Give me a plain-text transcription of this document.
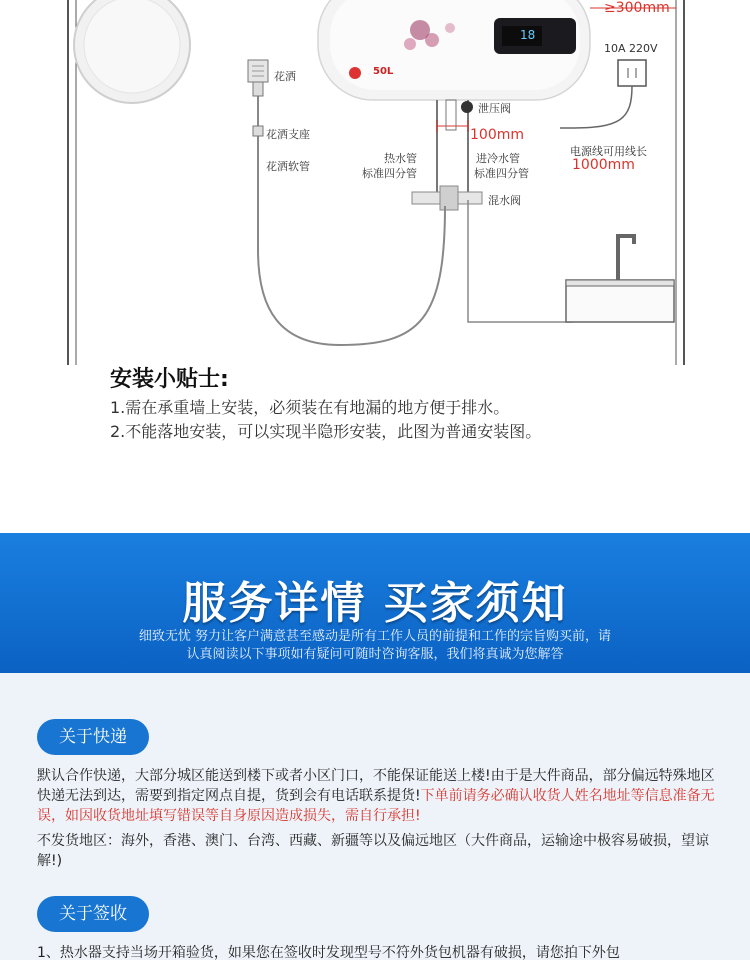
≥300mm
10A 220V
花洒	50L
18
泄压阀
花洒支座	100mm
电源线可用线长
热水管	进冷水管
花洒软管	1000mm
标准四分管	标准四分管
混水阀
安装小贴士:
1.需在承重墙上安装，必须装在有地漏的地方便于排水。
2.不能落地安装，可以实现半隐形安装，此图为普通安装图。
服务详情 买家须知
细致无忧 努力让客户满意甚至感动是所有工作人员的前提和工作的宗旨购买前，请
认真阅读以下事项如有疑问可随时咨询客服，我们将真诚为您解答
关于快递
默认合作快递，大部分城区能送到楼下或者小区门口，不能保证能送上楼!由于是大件商品，部分偏远特殊地区快递无法到达，需要到指定网点自提，货到会有电话联系提货!下单前请务必确认收货人姓名地址等信息准备无误，如因收货地址填写错误等自身原因造成损失，需自行承担!
不发货地区：海外，香港、澳门、台湾、西藏、新疆等以及偏远地区（大件商品，运输途中极容易破损，望谅解!)
关于签收
1、热水器支持当场开箱验货，如果您在签收时发现型号不符外货包机器有破损，请您拍下外包
